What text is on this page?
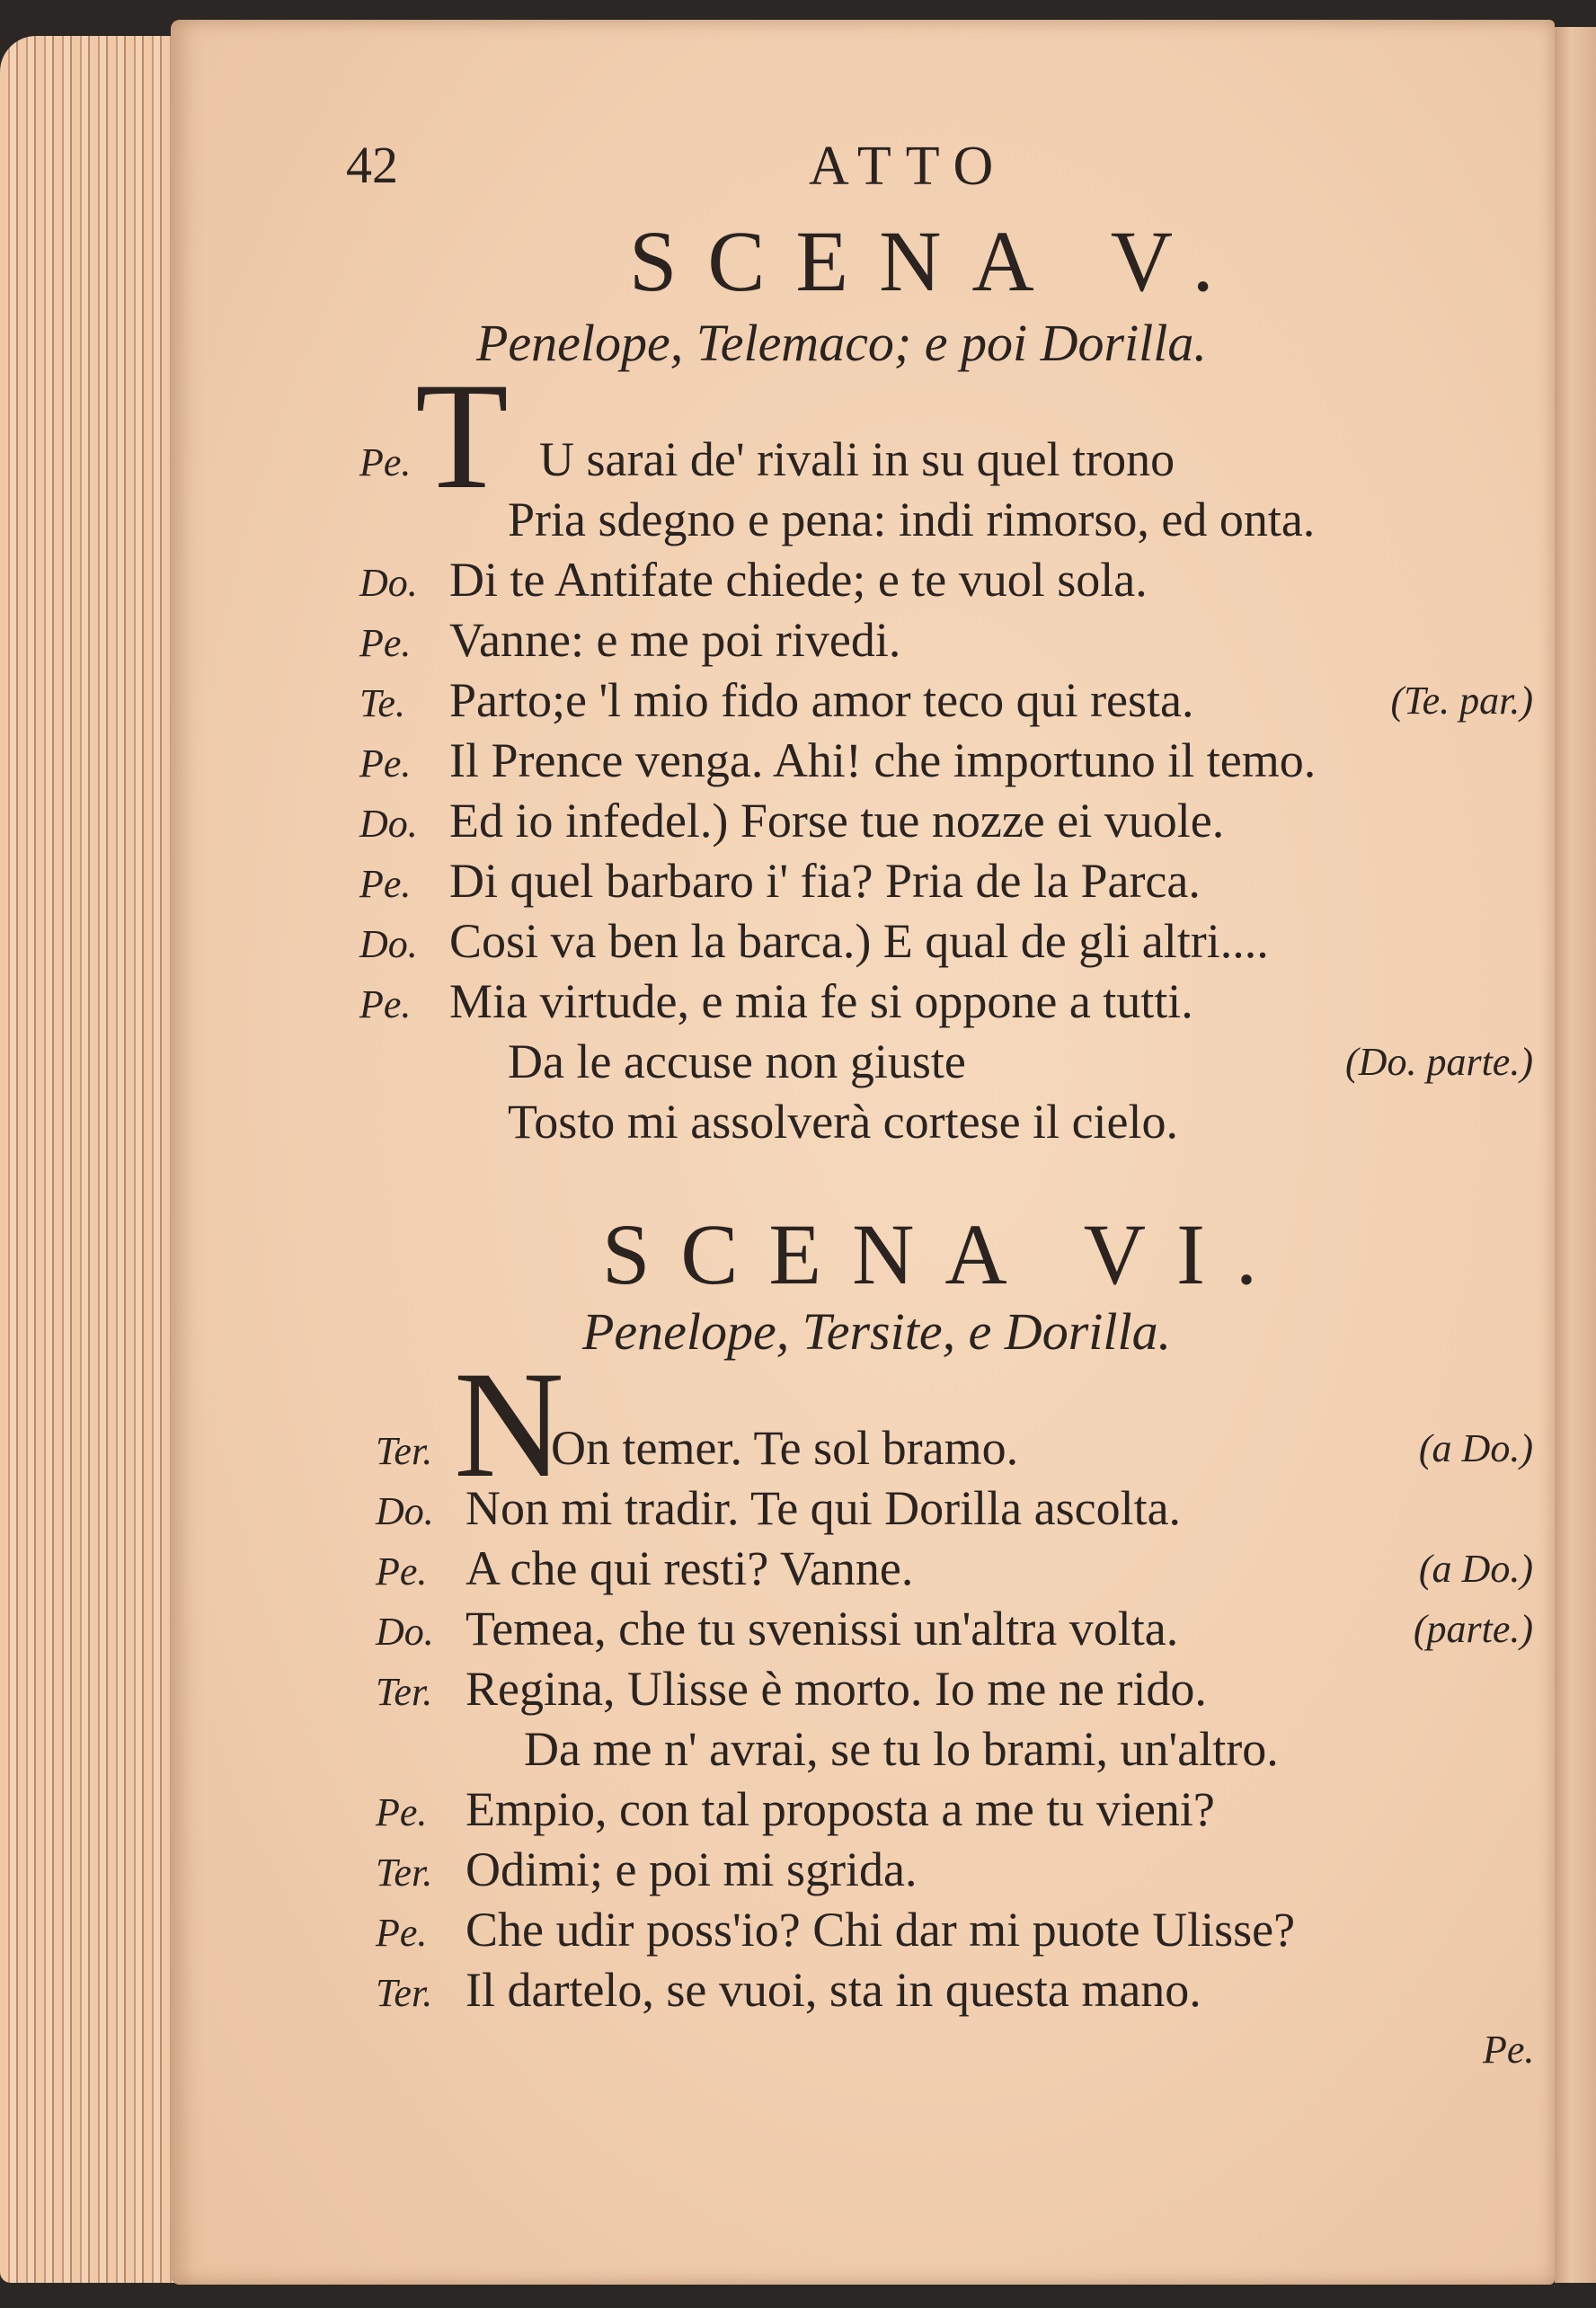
42	ATTO
SCENA V.
Penelope, Telemaco; e poi Dorilla.
T
Pe.	U sarai de' rivali in su quel trono
Pria sdegno e pena: indi rimorso, ed onta.
Do. Di te Antifate chiede; e te vuol sola.
Pe. Vanne: e me poi rivedi.
Te. Parto;e 'l mio fido amor teco qui resta.	(Te. par.)
Pe. Il Prence venga. Ahi! che importuno il temo.
Do. Ed io infedel.) Forse tue nozze ei vuole.
Pe. Di quel barbaro i' fia? Pria de la Parca.
Do. Cosi va ben la barca.) E qual de gli altri....
Pe. Mia virtude, e mia fe si oppone a tutti.
Da le accuse non giuste	(Do. parte.)
Tosto mi assolverà cortese il cielo.
SCENA VI.
Penelope, Tersite, e Dorilla.
N
Ter. On temer. Te sol bramo.	(a Do.)
Do. Non mi tradir. Te qui Dorilla ascolta.
Pe. A che qui resti? Vanne.	(a Do.)
Do. Temea, che tu svenissi un'altra volta.	(parte.)
Ter. Regina, Ulisse è morto. Io me ne rido.
Da me n' avrai, se tu lo brami, un'altro.
Pe. Empio, con tal proposta a me tu vieni?
Ter. Odimi; e poi mi sgrida.
Pe. Che udir poss'io? Chi dar mi puote Ulisse?
Ter. Il dartelo, se vuoi, sta in questa mano.
Pe.
